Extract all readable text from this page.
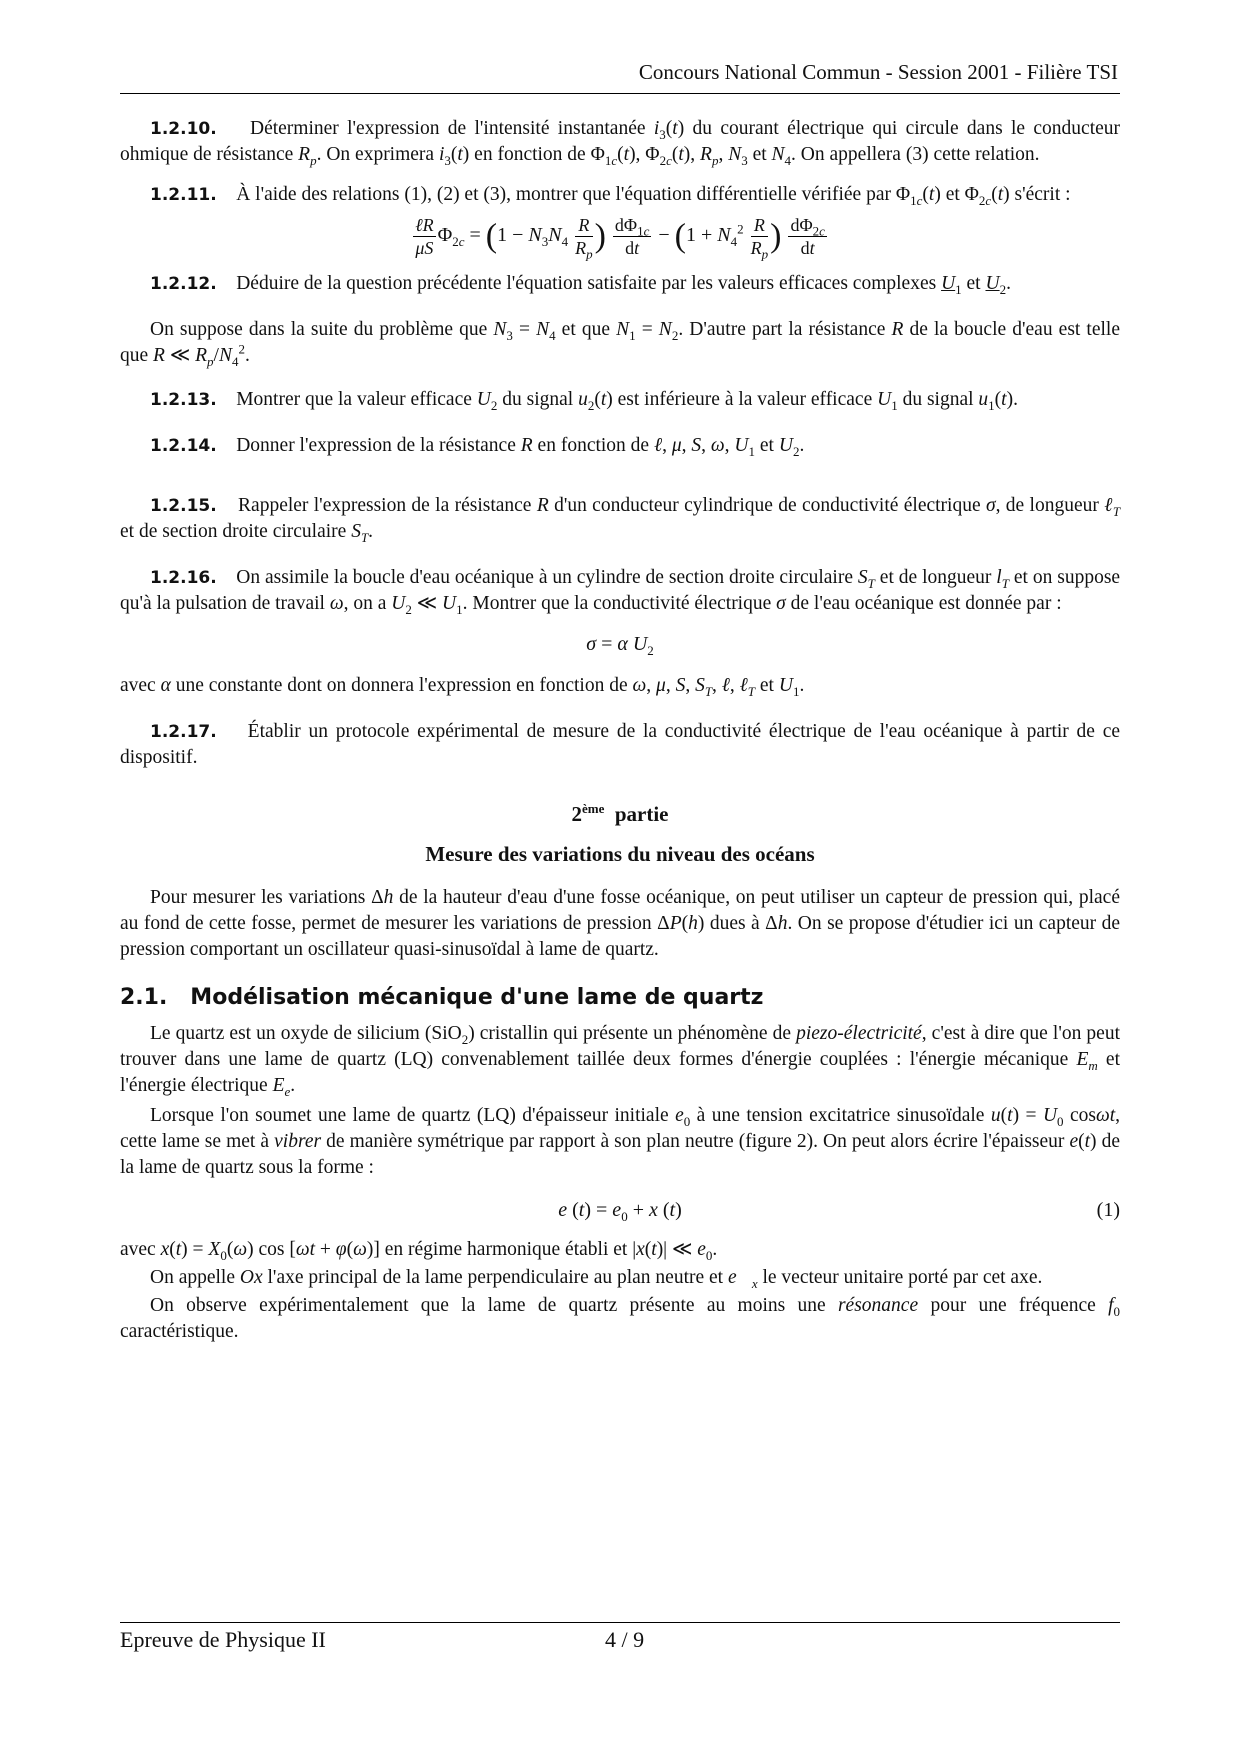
Concours National Commun - Session 2001 - Filière TSI

1.2.10. Déterminer l'expression de l'intensité instantanée $i_3(t)$ du courant électrique qui circule dans le conducteur ohmique de résistance $R_p$. On exprimera $i_3(t)$ en fonction de $\Phi_{1c}(t)$, $\Phi_{2c}(t)$, $R_p$, $N_3$ et $N_4$. On appellera (3) cette relation.

1.2.11. À l'aide des relations (1), (2) et (3), montrer que l'équation différentielle vérifiée par $\Phi_{1c}(t)$ et $\Phi_{2c}(t)$ s'écrit :

$\frac{\text{ℓR}}{\mu S} \Phi_{2c} = (1 - N_3N_4 \frac{R}{R_p}$ ) $\frac{d\Phi_{1c}}{dt} - (1 + N_4^2 \frac{R}{R_p}$ ) $\frac{d\Phi_{2c}}{dt}$

1.2.12. Déduire de la question précédente l'équation satisfaite par les valeurs efficaces complexes $U_1$ et $U_2$.

On suppose dans la suite du problème que $N_3 = N_4$ et que $N_1 = N_2$. D'autre part la résistance R de la boucle d'eau est telle que R ≪ $R_p/N_4^2$.

1.2.13. Montrer que la valeur efficace $U_2$ du signal $u_2(t)$ est inférieure à la valeur efficace $U_1$ du signal $u_1(t)$.

1.2.14. Donner l'expression de la résistance R en fonction de ℓ, μ, S, ω, $U_1$ et $U_2$.

1.2.15. Rappeler l'expression de la résistance R d'un conducteur cylindrique de conductivité électrique σ, de longueur ℓ$_T$ et de section droite circulaire $S_T$.

1.2.16. On assimile la boucle d'eau océanique à un cylindre de section droite circulaire $S_T$ et de longueur $l_T$ et on suppose qu'à la pulsation de travail ω, on a $U_2$ ≪ $U_1$. Montrer que la conductivité électrique σ de l'eau océanique est donnée par :

σ = α $U_2$

avec α une constante dont on donnera l'expression en fonction de ω, μ, S, $S_T$, ℓ, ℓ$_T$ et $U_1$.

1.2.17. Établir un protocole expérimental de mesure de la conductivité électrique de l'eau océanique à partir de ce dispositif.

2ème partie
Mesure des variations du niveau des océans

Pour mesurer les variations Δh de la hauteur d'eau d'une fosse océanique, on peut utiliser un capteur de pression qui, placé au fond de cette fosse, permet de mesurer les variations de pression ΔP(h) dues à Δh. On se propose d'étudier ici un capteur de pression comportant un oscillateur quasi-sinusoïdal à lame de quartz.

2.1.   Modélisation mécanique d'une lame de quartz

Le quartz est un oxyde de silicium (SiO$_2$) cristallin qui présente un phénomène de piezo-électricité, c'est à dire que l'on peut trouver dans une lame de quartz (LQ) convenablement taillée deux formes d'énergie couplées : l'énergie mécanique $E_m$ et l'énergie électrique $E_e$.

Lorsque l'on soumet une lame de quartz (LQ) d'épaisseur initiale $e_0$ à une tension excitatrice sinusoïdale $u(t) = U_0$ cosωt, cette lame se met à vibrer de manière symétrique par rapport à son plan neutre (figure 2). On peut alors écrire l'épaisseur e(t) de la lame de quartz sous la forme :

e $(t) = e_0 + x$ (t)	(1)

avec $x(t) = X_0(\omega)$ cos [ωt + φ(ω)] en régime harmonique établi et |x(t)| ≪ $e_0$.

On appelle Ox l'axe principal de la lame perpendiculaire au plan neutre et $e⃗_x$ le vecteur unitaire porté par cet axe.

On observe expérimentalement que la lame de quartz présente au moins une résonance pour une fréquence $f_0$ caractéristique.

Epreuve de Physique II	4 / 9
